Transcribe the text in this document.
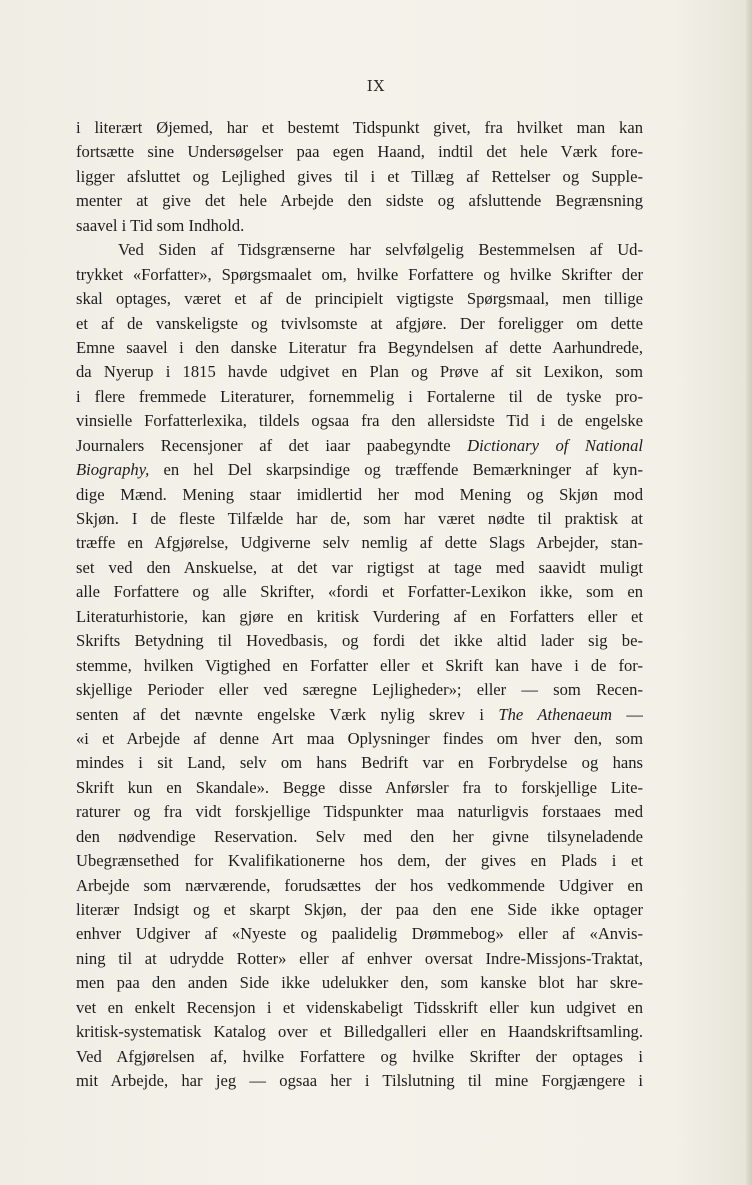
IX
i literært Øjemed, har et bestemt Tidspunkt givet, fra hvilket man kan
fortsætte sine Undersøgelser paa egen Haand, indtil det hele Værk fore-
ligger afsluttet og Lejlighed gives til i et Tillæg af Rettelser og Supple-
menter at give det hele Arbejde den sidste og afsluttende Begrænsning
saavel i Tid som Indhold.
Ved Siden af Tidsgrænserne har selvfølgelig Bestemmelsen af Ud-
trykket «Forfatter», Spørgsmaalet om, hvilke Forfattere og hvilke Skrifter der
skal optages, været et af de principielt vigtigste Spørgsmaal, men tillige
et af de vanskeligste og tvivlsomste at afgjøre. Der foreligger om dette
Emne saavel i den danske Literatur fra Begyndelsen af dette Aarhundrede,
da Nyerup i 1815 havde udgivet en Plan og Prøve af sit Lexikon, som
i flere fremmede Literaturer, fornemmelig i Fortalerne til de tyske pro-
vinsielle Forfatterlexika, tildels ogsaa fra den allersidste Tid i de engelske
Journalers Recensjoner af det iaar paabegyndte Dictionary of National
Biography, en hel Del skarpsindige og træffende Bemærkninger af kyn-
dige Mænd. Mening staar imidlertid her mod Mening og Skjøn mod
Skjøn. I de fleste Tilfælde har de, som har været nødte til praktisk at
træffe en Afgjørelse, Udgiverne selv nemlig af dette Slags Arbejder, stan-
set ved den Anskuelse, at det var rigtigst at tage med saavidt muligt
alle Forfattere og alle Skrifter, «fordi et Forfatter-Lexikon ikke, som en
Literaturhistorie, kan gjøre en kritisk Vurdering af en Forfatters eller et
Skrifts Betydning til Hovedbasis, og fordi det ikke altid lader sig be-
stemme, hvilken Vigtighed en Forfatter eller et Skrift kan have i de for-
skjellige Perioder eller ved særegne Lejligheder»; eller — som Recen-
senten af det nævnte engelske Værk nylig skrev i The Athenaeum —
«i et Arbejde af denne Art maa Oplysninger findes om hver den, som
mindes i sit Land, selv om hans Bedrift var en Forbrydelse og hans
Skrift kun en Skandale». Begge disse Anførsler fra to forskjellige Lite-
raturer og fra vidt forskjellige Tidspunkter maa naturligvis forstaaes med
den nødvendige Reservation. Selv med den her givne tilsyneladende
Ubegrænsethed for Kvalifikationerne hos dem, der gives en Plads i et
Arbejde som nærværende, forudsættes der hos vedkommende Udgiver en
literær Indsigt og et skarpt Skjøn, der paa den ene Side ikke optager
enhver Udgiver af «Nyeste og paalidelig Drømmebog» eller af «Anvis-
ning til at udrydde Rotter» eller af enhver oversat Indre-Missjons-Traktat,
men paa den anden Side ikke udelukker den, som kanske blot har skre-
vet en enkelt Recensjon i et videnskabeligt Tidsskrift eller kun udgivet en
kritisk-systematisk Katalog over et Billedgalleri eller en Haandskriftsamling.
Ved Afgjørelsen af, hvilke Forfattere og hvilke Skrifter der optages i
mit Arbejde, har jeg — ogsaa her i Tilslutning til mine Forgjængere i
